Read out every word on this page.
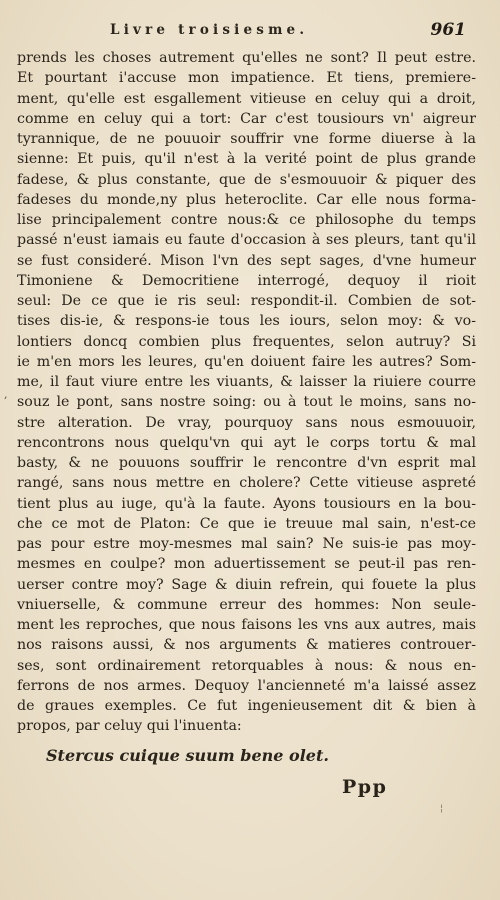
Livre troisiesme.	961
prends les choses autrement qu'elles ne sont? Il peut estre.
Et pourtant i'accuse mon impatience. Et tiens, premiere-
ment, qu'elle est esgallement vitieuse en celuy qui a droit,
comme en celuy qui a tort: Car c'est tousiours vn' aigreur
tyrannique, de ne pouuoir souffrir vne forme diuerse à la
sienne: Et puis, qu'il n'est à la verité point de plus grande
fadese, & plus constante, que de s'esmouuoir & piquer des
fadeses du monde,ny plus heteroclite. Car elle nous forma-
lise principalement contre nous:& ce philosophe du temps
passé n'eust iamais eu faute d'occasion à ses pleurs, tant qu'il
se fust consideré. Mison l'vn des sept sages, d'vne humeur
Timoniene & Democritiene interrogé, dequoy il rioit
seul: De ce que ie ris seul: respondit-il. Combien de sot-
tises dis-ie, & respons-ie tous les iours, selon moy: & vo-
lontiers doncq combien plus frequentes, selon autruy? Si
ie m'en mors les leures, qu'en doiuent faire les autres? Som-
me, il faut viure entre les viuants, & laisser la riuiere courre
souz le pont, sans nostre soing: ou à tout le moins, sans no-
stre alteration. De vray, pourquoy sans nous esmouuoir,
rencontrons nous quelqu'vn qui ayt le corps tortu & mal
basty, & ne pouuons souffrir le rencontre d'vn esprit mal
rangé, sans nous mettre en cholere? Cette vitieuse aspreté
tient plus au iuge, qu'à la faute. Ayons tousiours en la bou-
che ce mot de Platon: Ce que ie treuue mal sain, n'est-ce
pas pour estre moy-mesmes mal sain? Ne suis-ie pas moy-
mesmes en coulpe? mon aduertissement se peut-il pas ren-
uerser contre moy? Sage & diuin refrein, qui fouete la plus
vniuerselle, & commune erreur des hommes: Non seule-
ment les reproches, que nous faisons les vns aux autres, mais
nos raisons aussi, & nos arguments & matieres controuer-
ses, sont ordinairement retorquables à nous: & nous en-
ferrons de nos armes. Dequoy l'ancienneté m'a laissé assez
de graues exemples. Ce fut ingenieusement dit & bien à
propos, par celuy qui l'inuenta:
,
Stercus cuique suum bene olet.
Ppp
¦
